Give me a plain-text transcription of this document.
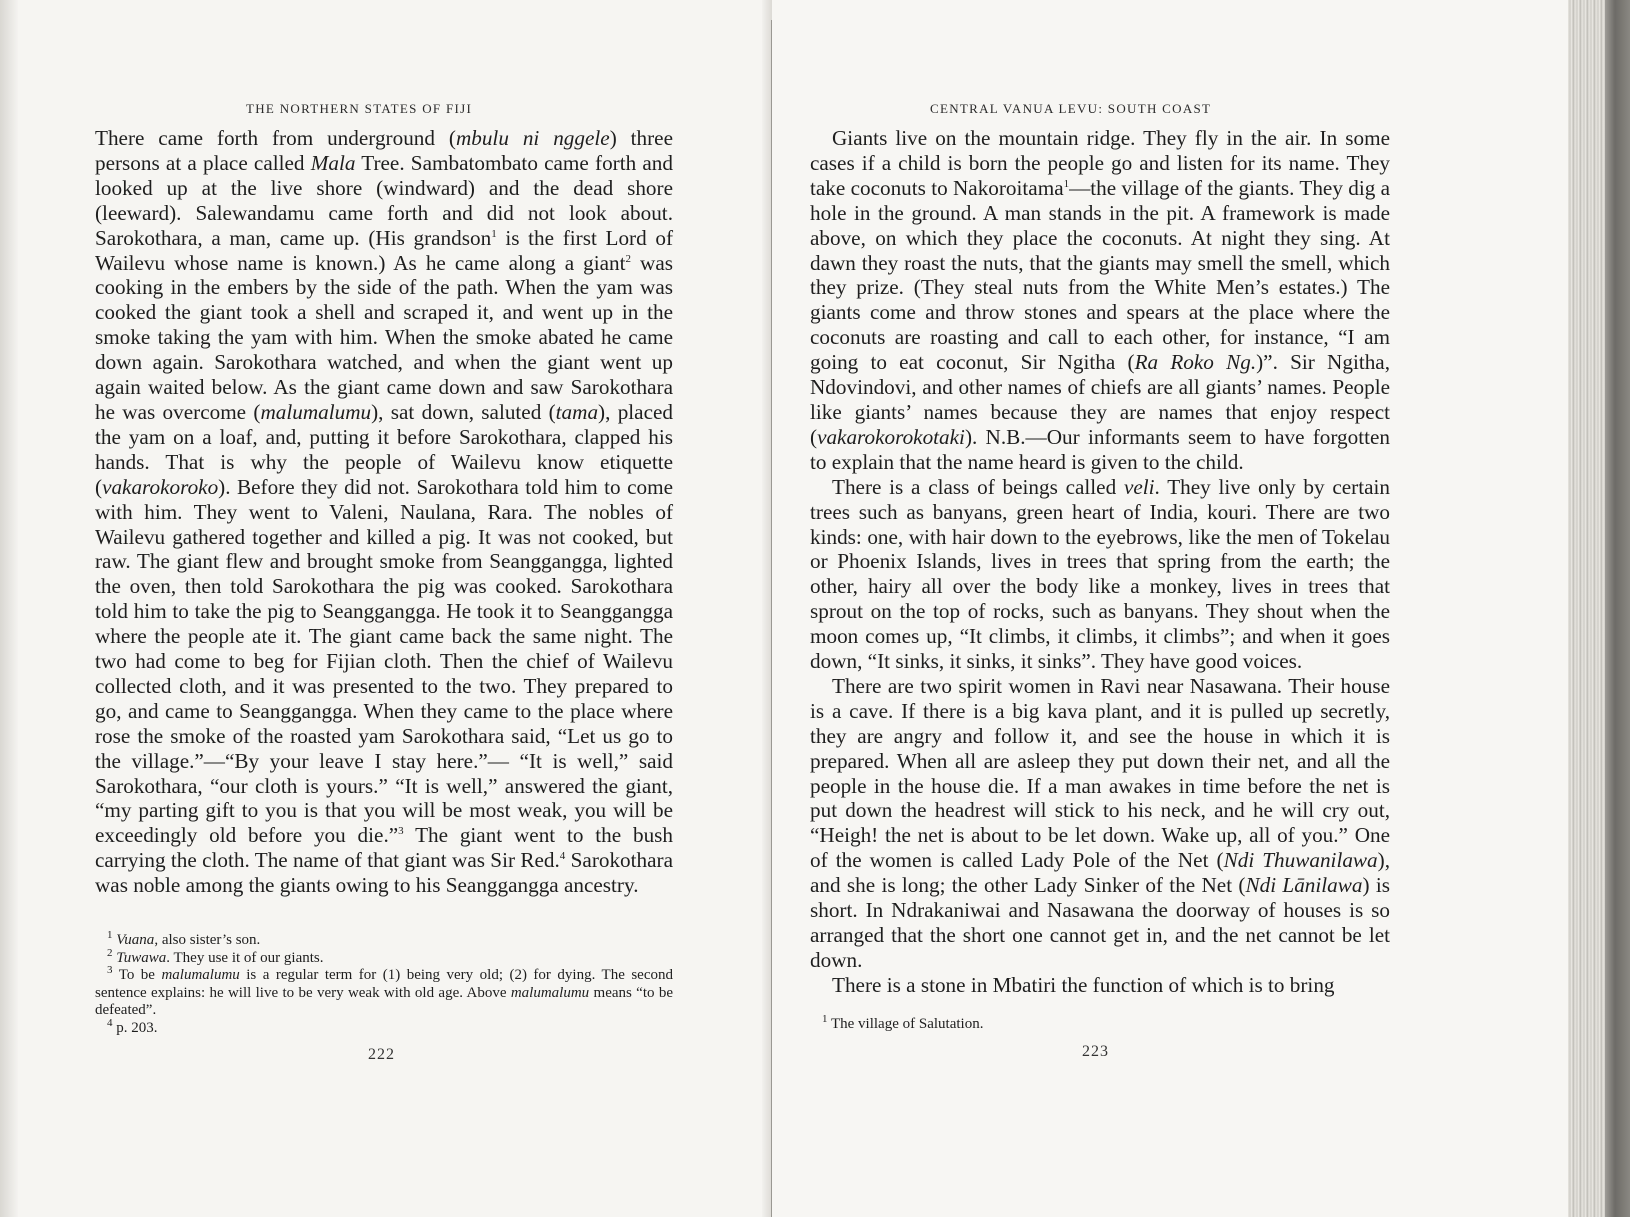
THE NORTHERN STATES OF FIJI

There came forth from underground (mbulu ni nggele) three persons at a place called Mala Tree. Sambatombato came forth and looked up at the live shore (windward) and the dead shore (leeward). Salewandamu came forth and did not look about. Sarokothara, a man, came up. (His grandson$^1$ is the first Lord of Wailevu whose name is known.) As he came along a giant$^2$ was cooking in the embers by the side of the path. When the yam was cooked the giant took a shell and scraped it, and went up in the smoke taking the yam with him. When the smoke abated he came down again. Sarokothara watched, and when the giant went up again waited below. As the giant came down and saw Sarokothara he was overcome (malumalumu), sat down, saluted (tama), placed the yam on a loaf, and, putting it before Sarokothara, clapped his hands. That is why the people of Wailevu know etiquette (vakarokoroko). Before they did not. Sarokothara told him to come with him. They went to Valeni, Naulana, Rara. The nobles of Wailevu gathered together and killed a pig. It was not cooked, but raw. The giant flew and brought smoke from Seanggangga, lighted the oven, then told Sarokothara the pig was cooked. Sarokothara told him to take the pig to Seanggangga. He took it to Seanggangga where the people ate it. The giant came back the same night. The two had come to beg for Fijian cloth. Then the chief of Wailevu collected cloth, and it was presented to the two. They prepared to go, and came to Seanggangga. When they came to the place where rose the smoke of the roasted yam Sarokothara said, “Let us go to the village.”—“By your leave I stay here.”— “It is well,” said Sarokothara, “our cloth is yours.” “It is well,” answered the giant, “my parting gift to you is that you will be most weak, you will be exceedingly old before you die.”$^3$ The giant went to the bush carrying the cloth. The name of that giant was Sir Red.$^4$ Sarokothara was noble among the giants owing to his Seanggangga ancestry.

$^1$ Vuana, also sister’s son.

$^2$ Tuwawa. They use it of our giants.

$^3$ To be malumalumu is a regular term for (1) being very old; (2) for dying. The second sentence explains: he will live to be very weak with old age. Above malumalumu means “to be defeated”.

$^4$ p. 203.

222
CENTRAL VANUA LEVU: SOUTH COAST

Giants live on the mountain ridge. They fly in the air. In some cases if a child is born the people go and listen for its name. They take coconuts to Nakoroitama$^1$—the village of the giants. They dig a hole in the ground. A man stands in the pit. A framework is made above, on which they place the coconuts. At night they sing. At dawn they roast the nuts, that the giants may smell the smell, which they prize. (They steal nuts from the White Men’s estates.) The giants come and throw stones and spears at the place where the coconuts are roasting and call to each other, for instance, “I am going to eat coconut, Sir Ngitha (Ra Roko Ng.)”. Sir Ngitha, Ndovindovi, and other names of chiefs are all giants’ names. People like giants’ names because they are names that enjoy respect (vakarokorokotaki). N.B.—Our informants seem to have forgotten to explain that the name heard is given to the child.

There is a class of beings called veli. They live only by certain trees such as banyans, green heart of India, kouri. There are two kinds: one, with hair down to the eyebrows, like the men of Tokelau or Phoenix Islands, lives in trees that spring from the earth; the other, hairy all over the body like a monkey, lives in trees that sprout on the top of rocks, such as banyans. They shout when the moon comes up, “It climbs, it climbs, it climbs”; and when it goes down, “It sinks, it sinks, it sinks”. They have good voices.

There are two spirit women in Ravi near Nasawana. Their house is a cave. If there is a big kava plant, and it is pulled up secretly, they are angry and follow it, and see the house in which it is prepared. When all are asleep they put down their net, and all the people in the house die. If a man awakes in time before the net is put down the headrest will stick to his neck, and he will cry out, “Heigh! the net is about to be let down. Wake up, all of you.” One of the women is called Lady Pole of the Net (Ndi Thuwanilawa), and she is long; the other Lady Sinker of the Net (Ndi Lānilawa) is short. In Ndrakaniwai and Nasawana the doorway of houses is so arranged that the short one cannot get in, and the net cannot be let down.

There is a stone in Mbatiri the function of which is to bring

$^1$ The village of Salutation.

223
